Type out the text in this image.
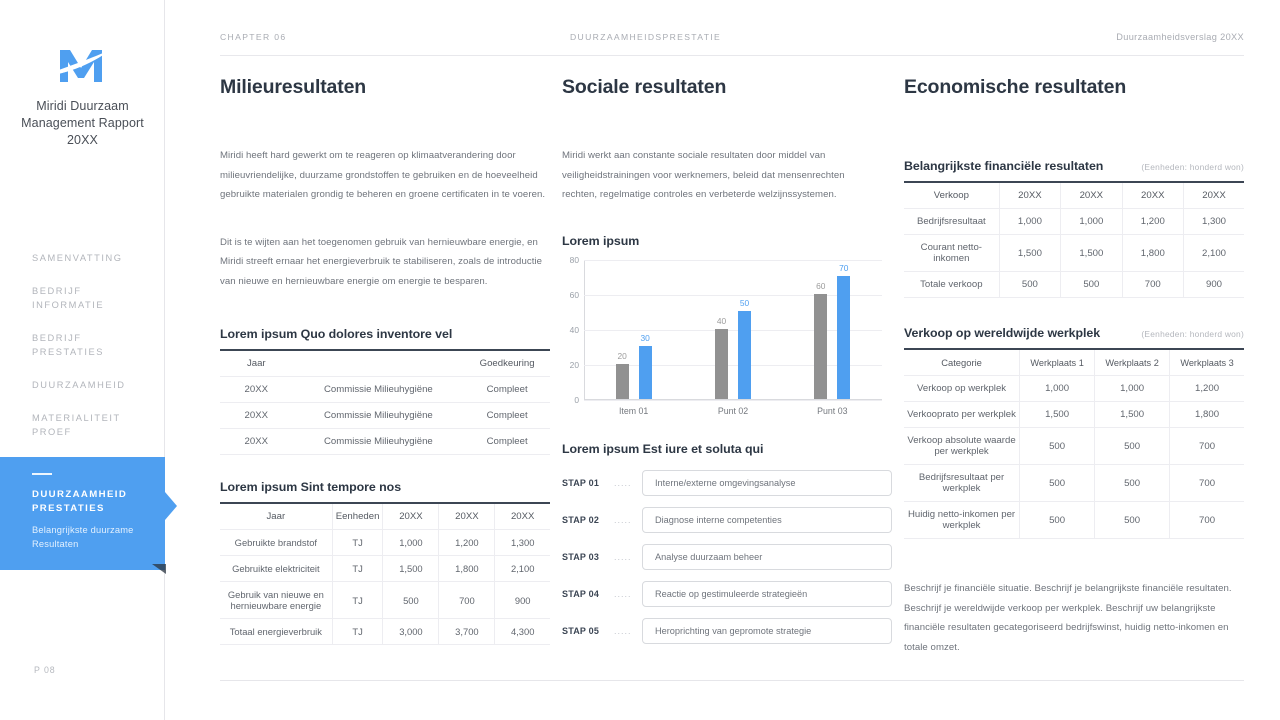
Miridi Duurzaam Management Rapport 20XX
SAMENVATTING
BEDRIJF INFORMATIE
BEDRIJF PRESTATIES
DUURZAAMHEID
MATERIALITEIT PROEF
DUURZAAMHEID PRESTATIES
Belangrijkste duurzame Resultaten
P 08
CHAPTER 06	DUURZAAMHEIDSPRESTATIE	Duurzaamheidsverslag 20XX
Milieuresultaten

Miridi heeft hard gewerkt om te reageren op klimaatverandering door milieuvriendelijke, duurzame grondstoffen te gebruiken en de hoeveelheid gebruikte materialen grondig te beheren en groene certificaten in te voeren.

Dit is te wijten aan het toegenomen gebruik van hernieuwbare energie, en Miridi streeft ernaar het energieverbruik te stabiliseren, zoals de introductie van nieuwe en hernieuwbare energie om energie te besparen.

Lorem ipsum Quo dolores inventore vel
Jaar		Goedkeuring
20XX	Commissie Milieuhygiëne	Compleet
20XX	Commissie Milieuhygiëne	Compleet
20XX	Commissie Milieuhygiëne	Compleet
Lorem ipsum Sint tempore nos
Jaar	Eenheden	20XX	20XX	20XX
Gebruikte brandstof	TJ	1,000	1,200	1,300
Gebruikte elektriciteit	TJ	1,500	1,800	2,100

Gebruik van nieuwe en hernieuwbare energie	TJ	500	700	900
Totaal energieverbruik	TJ	3,000	3,700	4,300
Sociale resultaten

Miridi werkt aan constante sociale resultaten door middel van veiligheidstrainingen voor werknemers, beleid dat mensenrechten rechten, regelmatige controles en verbeterde welzijnssystemen.

Lorem ipsum
80
60
40
20
0
20
30
40
50
60
70
Item 01	Punt 02	Punt 03
Lorem ipsum Est iure et soluta qui
STAP 01	.....	Interne/externe omgevingsanalyse
STAP 02	.....	Diagnose interne competenties
STAP 03	.....	Analyse duurzaam beheer
STAP 04	.....	Reactie op gestimuleerde strategieën
STAP 05	.....	Heroprichting van gepromote strategie
Economische resultaten
Belangrijkste financiële resultaten	(Eenheden: honderd won)
Verkoop	20XX	20XX	20XX	20XX
Bedrijfsresultaat	1,000	1,000	1,200	1,300
Courant netto-inkomen	1,500	1,500	1,800	2,100
Totale verkoop	500	500	700	900
Verkoop op wereldwijde werkplek	(Eenheden: honderd won)
Categorie	Werkplaats 1	Werkplaats 2	Werkplaats 3
Verkoop op werkplek	1,000	1,000	1,200
Verkooprato per werkplek	1,500	1,500	1,800
Verkoop absolute waarde per werkplek	500	500	700
Bedrijfsresultaat per werkplek	500	500	700
Huidig netto-inkomen per werkplek	500	500	700

Beschrijf je financiële situatie. Beschrijf je belangrijkste financiële resultaten. Beschrijf je wereldwijde verkoop per werkplek. Beschrijf uw belangrijkste financiële resultaten gecategoriseerd bedrijfswinst, huidig netto-inkomen en totale omzet.
